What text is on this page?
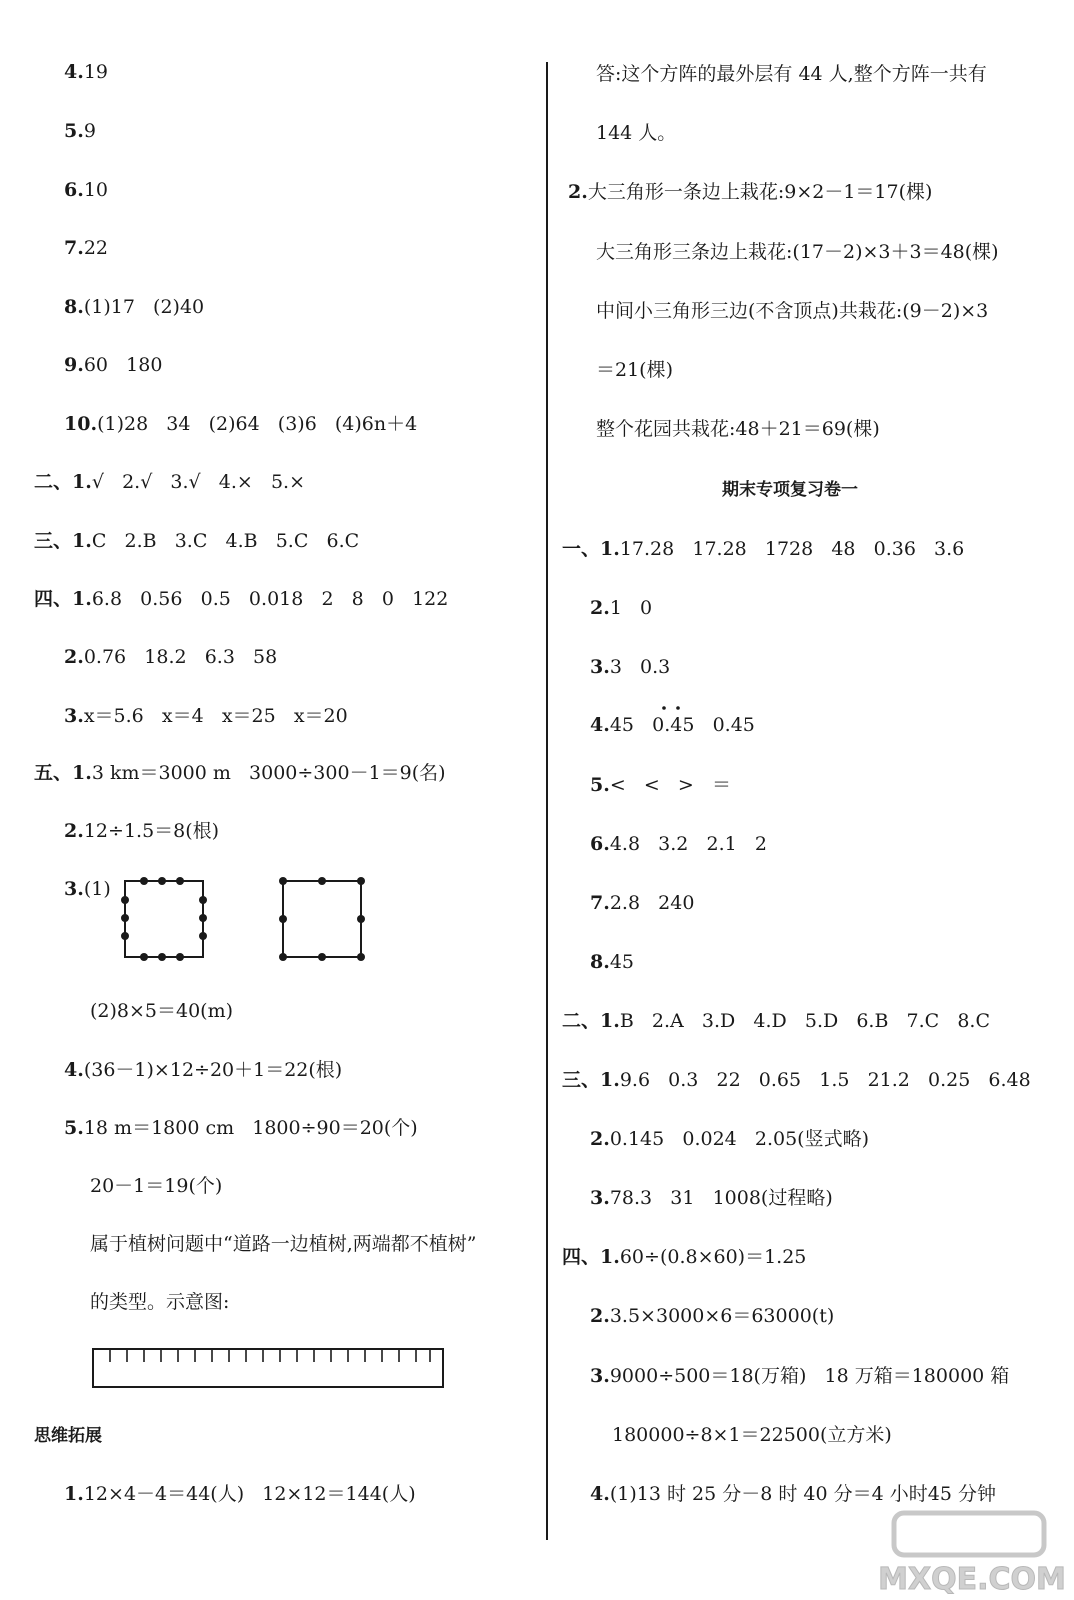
4.19
5.9
6.10
7.22
8.(1)17   (2)40
9.60   180
10.(1)28   34   (2)64   (3)6   (4)6n＋4
二、1.√   2.√   3.√   4.×   5.×
三、1.C   2.B   3.C   4.B   5.C   6.C
四、1.6.8   0.56   0.5   0.018   2   8   0   122
2.0.76   18.2   6.3   58
3.x＝5.6   x＝4   x＝25   x＝20
五、1.3 km＝3000 m   3000÷300－1＝9(名)
2.12÷1.5＝8(根)
3.(1)
(2)8×5＝40(m)
4.(36－1)×12÷20＋1＝22(根)
5.18 m＝1800 cm   1800÷90＝20(个)
20－1＝19(个)
属于植树问题中“道路一边植树,两端都不植树”
的类型。示意图:
思维拓展
1.12×4－4＝44(人)   12×12＝144(人)
答:这个方阵的最外层有 44 人,整个方阵一共有
144 人。
2.大三角形一条边上栽花:9×2－1＝17(棵)
大三角形三条边上栽花:(17－2)×3＋3＝48(棵)
中间小三角形三边(不含顶点)共栽花:(9－2)×3
＝21(棵)
整个花园共栽花:48＋21＝69(棵)
期末专项复习卷一
一、1.17.28   17.28   1728   48   0.36   3.6
2.1   0
3.3   0.3
4.45   0.45   0.45
5.<   <   >   ＝
6.4.8   3.2   2.1   2
7.2.8   240
8.45
二、1.B   2.A   3.D   4.D   5.D   6.B   7.C   8.C
三、1.9.6   0.3   22   0.65   1.5   21.2   0.25   6.48
2.0.145   0.024   2.05(竖式略)
3.78.3   31   1008(过程略)
四、1.60÷(0.8×60)＝1.25
2.3.5×3000×6＝63000(t)
3.9000÷500＝18(万箱)   18 万箱＝180000 箱
180000÷8×1＝22500(立方米)
4.(1)13 时 25 分－8 时 40 分＝4 小时45 分钟
MXQE.COM
